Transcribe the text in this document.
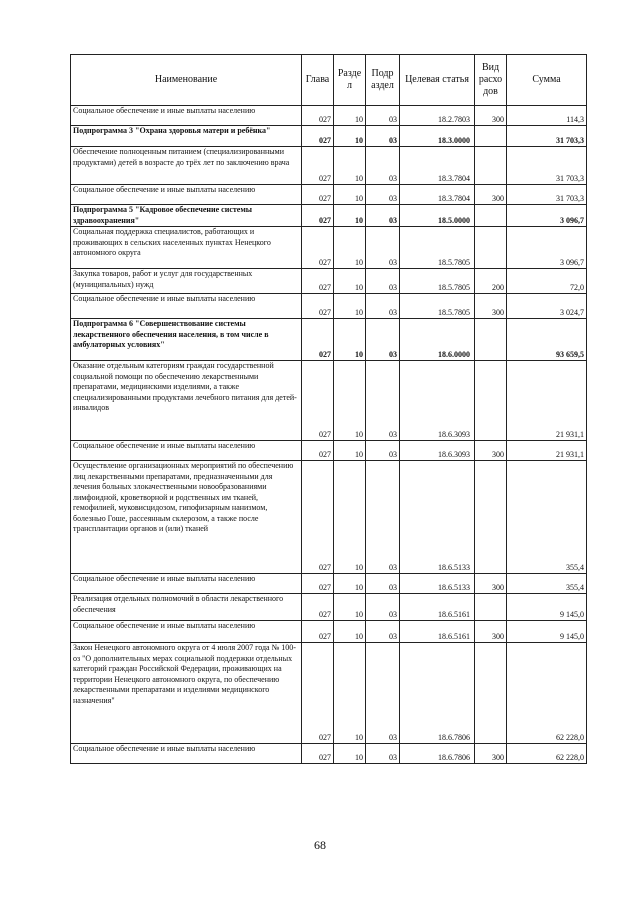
Наименование	Глава	Разде л	Подр аздел	Целевая статья	Вид расхо дов	Сумма
Социальное обеспечение и иные выплаты населению	027	10	03	18.2.7803	300	114,3
Подпрограмма 3 "Охрана здоровья матери и ребёнка"	027	10	03	18.3.0000		31 703,3
Обеспечение полноценным питанием (специализированными продуктами) детей в возрасте до трёх лет по заключению врача	027	10	03	18.3.7804		31 703,3
Социальное обеспечение и иные выплаты населению	027	10	03	18.3.7804	300	31 703,3
Подпрограмма 5 "Кадровое обеспечение системы здравоохранения"	027	10	03	18.5.0000		3 096,7
Социальная поддержка специалистов, работающих и проживающих в сельских населенных пунктах Ненецкого автономного округа	027	10	03	18.5.7805		3 096,7
Закупка товаров, работ и услуг для государственных (муниципальных) нужд	027	10	03	18.5.7805	200	72,0
Социальное обеспечение и иные выплаты населению	027	10	03	18.5.7805	300	3 024,7
Подпрограмма 6 "Совершенствование системы лекарственного обеспечения населения, в том числе в амбулаторных условиях"	027	10	03	18.6.0000		93 659,5
Оказание отдельным категориям граждан государственной социальной помощи по обеспечению лекарственными препаратами, медицинскими изделиями, а также специализированными продуктами лечебного питания для детей-инвалидов	027	10	03	18.6.3093		21 931,1
Социальное обеспечение и иные выплаты населению	027	10	03	18.6.3093	300	21 931,1
Осуществление организационных мероприятий по обеспечению лиц лекарственными препаратами, предназначенными для лечения больных злокачественными новообразованиями лимфоидной, кроветворной и родственных им тканей, гемофилией, муковисцидозом, гипофизарным нанизмом, болезнью Гоше, рассеянным склерозом, а также после трансплантации органов и (или) тканей	027	10	03	18.6.5133		355,4
Социальное обеспечение и иные выплаты населению	027	10	03	18.6.5133	300	355,4
Реализация отдельных полномочий в области лекарственного обеспечения	027	10	03	18.6.5161		9 145,0
Социальное обеспечение и иные выплаты населению	027	10	03	18.6.5161	300	9 145,0
Закон Ненецкого автономного округа от 4 июля 2007 года № 100-оз "О дополнительных мерах социальной поддержки отдельных категорий граждан Российской Федерации, проживающих на территории Ненецкого автономного округа, по обеспечению лекарственными препаратами и изделиями медицинского назначения"	027	10	03	18.6.7806		62 228,0
Социальное обеспечение и иные выплаты населению	027	10	03	18.6.7806	300	62 228,0
68
